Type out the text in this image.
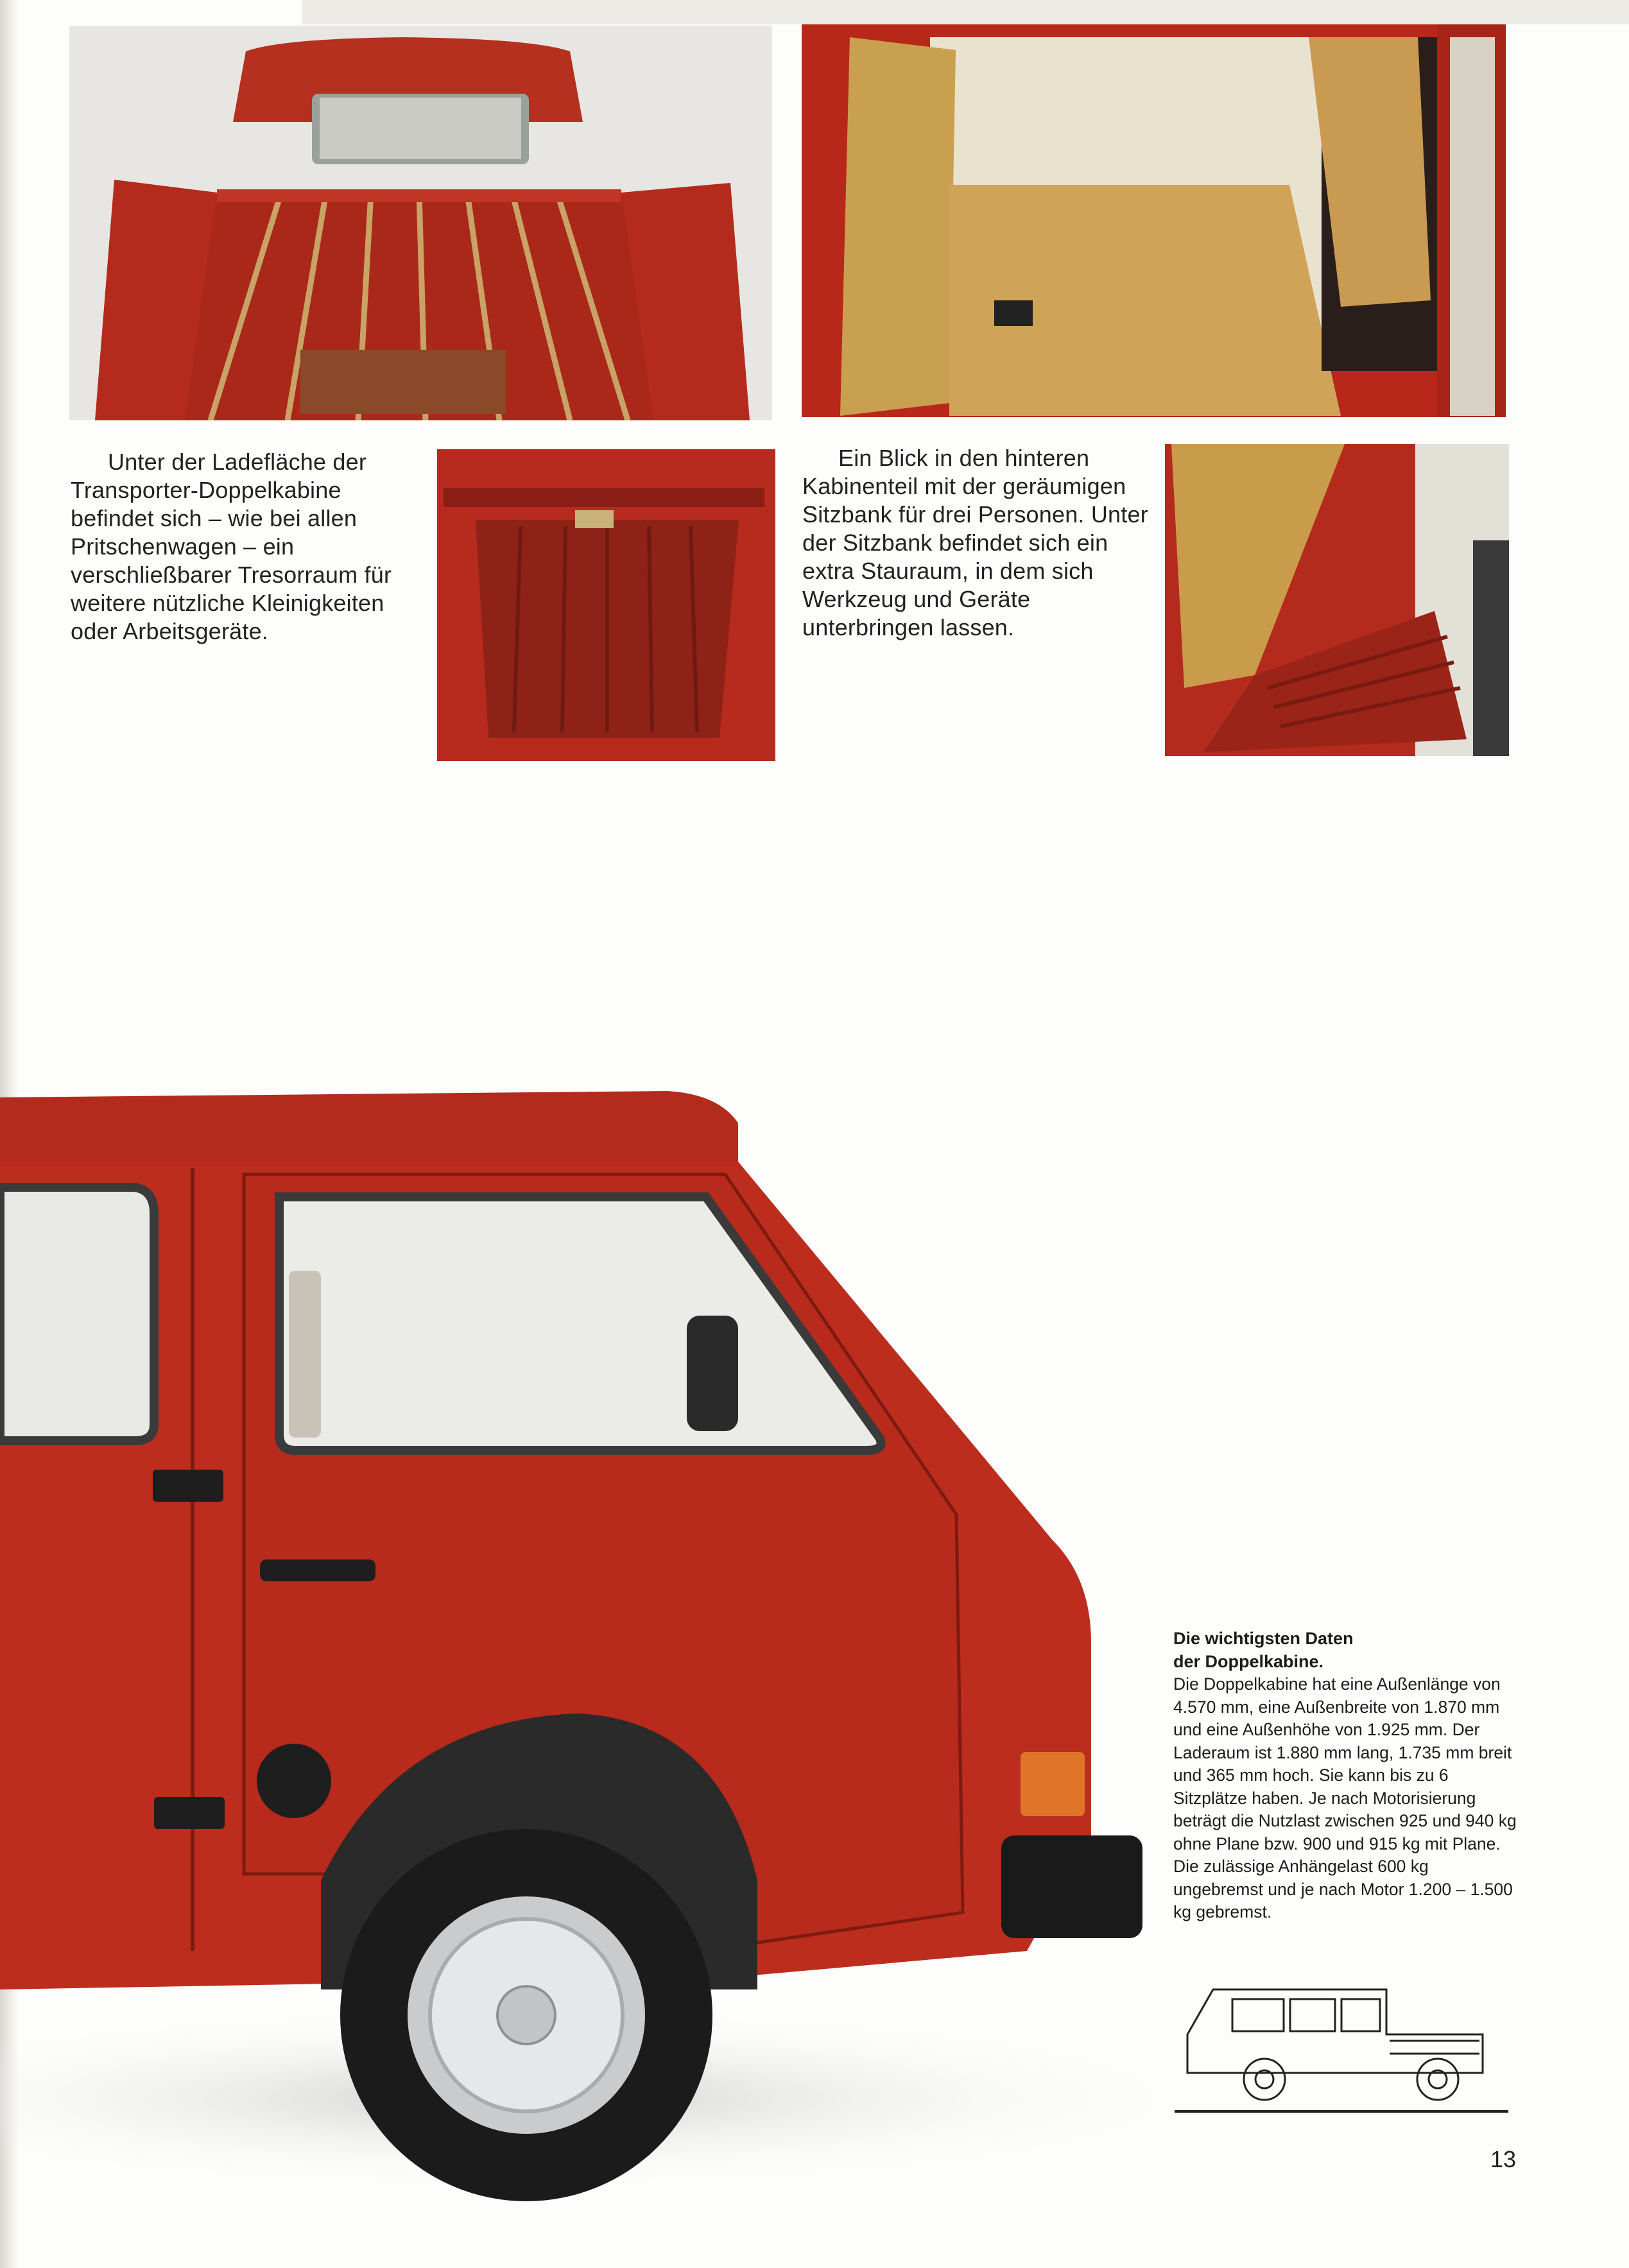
Unter der Ladefläche der Transporter-Doppelkabine befindet sich – wie bei allen Pritschenwagen – ein verschließbarer Tresorraum für weitere nützliche Kleinigkeiten oder Arbeitsgeräte.
Ein Blick in den hinteren Kabinenteil mit der geräumigen Sitzbank für drei Personen. Unter der Sitzbank befindet sich ein extra Stauraum, in dem sich Werkzeug und Geräte unterbringen lassen.
Die wichtigsten Daten
der Doppelkabine.
Die Doppelkabine hat eine Außenlänge von 4.570 mm, eine Außenbreite von 1.870 mm und eine Außenhöhe von 1.925 mm. Der Laderaum ist 1.880 mm lang, 1.735 mm breit und 365 mm hoch. Sie kann bis zu 6 Sitzplätze haben. Je nach Motorisierung beträgt die Nutzlast zwischen 925 und 940 kg ohne Plane bzw. 900 und 915 kg mit Plane. Die zulässige Anhängelast 600 kg ungebremst und je nach Motor 1.200 – 1.500 kg gebremst.
13
